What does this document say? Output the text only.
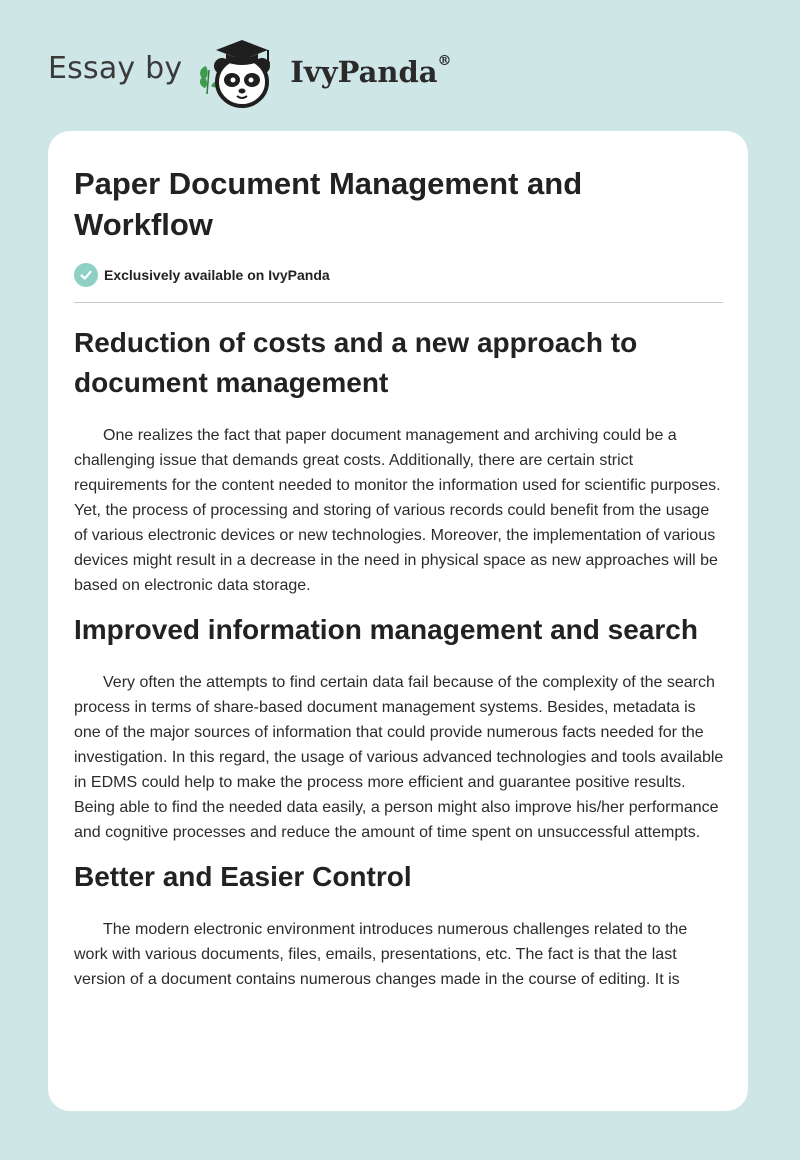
Essay by	IvyPanda®
Paper Document Management and Workflow
Exclusively available on IvyPanda
Reduction of costs and a new approach to document management

One realizes the fact that paper document management and archiving could be a challenging issue that demands great costs. Additionally, there are certain strict requirements for the content needed to monitor the information used for scientific purposes. Yet, the process of processing and storing of various records could benefit from the usage of various electronic devices or new technologies. Moreover, the implementation of various devices might result in a decrease in the need in physical space as new approaches will be based on electronic data storage.

Improved information management and search

Very often the attempts to find certain data fail because of the complexity of the search process in terms of share-based document management systems. Besides, metadata is one of the major sources of information that could provide numerous facts needed for the investigation. In this regard, the usage of various advanced technologies and tools available in EDMS could help to make the process more efficient and guarantee positive results. Being able to find the needed data easily, a person might also improve his/her performance and cognitive processes and reduce the amount of time spent on unsuccessful attempts.

Better and Easier Control

The modern electronic environment introduces numerous challenges related to the work with various documents, files, emails, presentations, etc. The fact is that the last version of a document contains numerous changes made in the course of editing. It is
